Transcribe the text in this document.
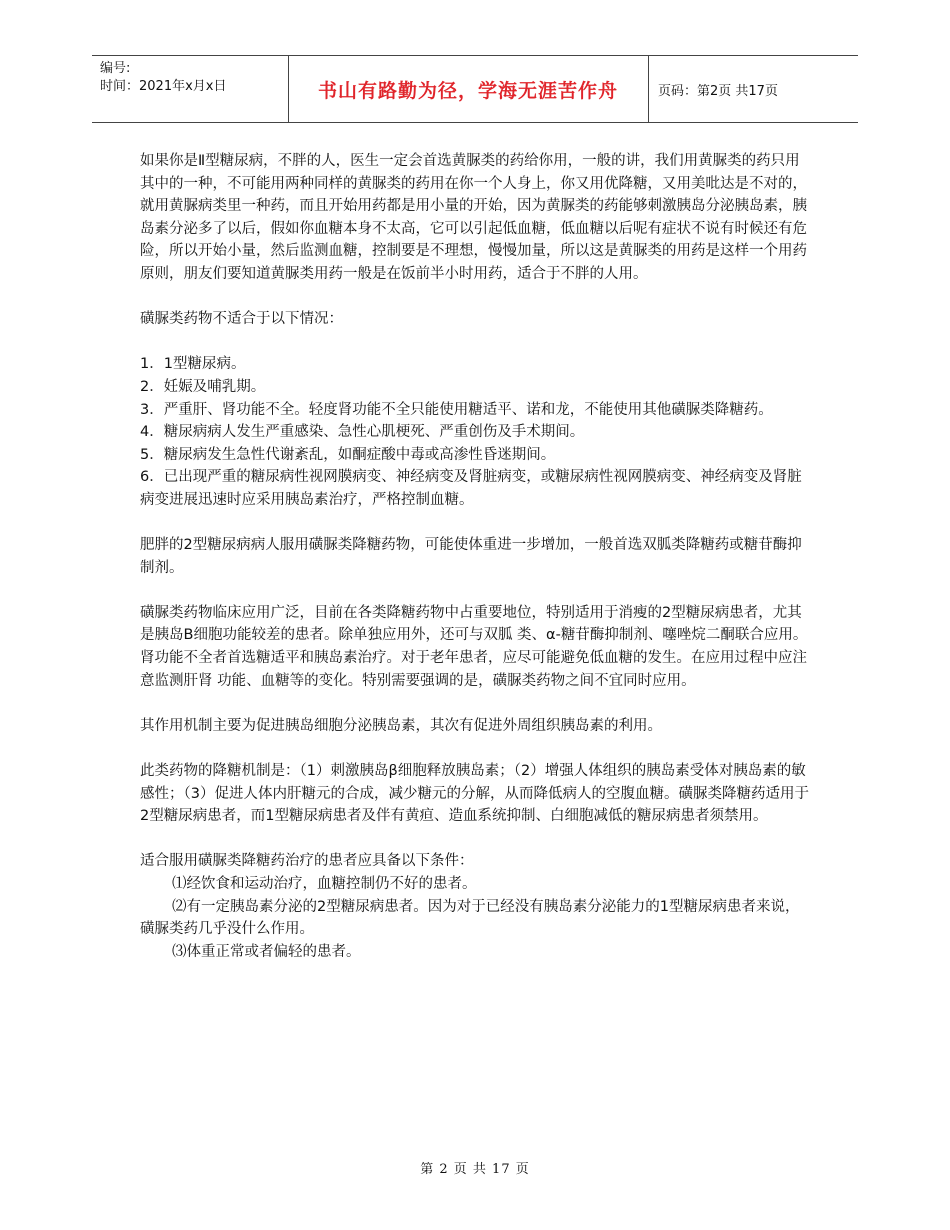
编号:
时间：2021年x月x日	书山有路勤为径，学海无涯苦作舟	页码：第2页 共17页

如果你是Ⅱ型糖尿病，不胖的人，医生一定会首选黄脲类的药给你用，一般的讲，我们用黄脲类的药只用其中的一种，不可能用两种同样的黄脲类的药用在你一个人身上，你又用优降糖，又用美吡达是不对的，就用黄脲病类里一种药，而且开始用药都是用小量的开始，因为黄脲类的药能够刺激胰岛分泌胰岛素，胰岛素分泌多了以后，假如你血糖本身不太高，它可以引起低血糖，低血糖以后呢有症状不说有时候还有危险，所以开始小量，然后监测血糖，控制要是不理想，慢慢加量，所以这是黄脲类的用药是这样一个用药原则，朋友们要知道黄脲类用药一般是在饭前半小时用药，适合于不胖的人用。

磺脲类药物不适合于以下情况：

1．1型糖尿病。

2．妊娠及哺乳期。

3．严重肝、肾功能不全。轻度肾功能不全只能使用糖适平、诺和龙，不能使用其他磺脲类降糖药。

4．糖尿病病人发生严重感染、急性心肌梗死、严重创伤及手术期间。

5．糖尿病发生急性代谢紊乱，如酮症酸中毒或高渗性昏迷期间。

6．已出现严重的糖尿病性视网膜病变、神经病变及肾脏病变，或糖尿病性视网膜病变、神经病变及肾脏病变进展迅速时应采用胰岛素治疗，严格控制血糖。

肥胖的2型糖尿病病人服用磺脲类降糖药物，可能使体重进一步增加，一般首选双胍类降糖药或糖苷酶抑制剂。

磺脲类药物临床应用广泛，目前在各类降糖药物中占重要地位，特别适用于消瘦的2型糖尿病患者，尤其是胰岛B细胞功能较差的患者。除单独应用外，还可与双胍 类、α-糖苷酶抑制剂、噻唑烷二酮联合应用。肾功能不全者首选糖适平和胰岛素治疗。对于老年患者，应尽可能避免低血糖的发生。在应用过程中应注意监测肝肾 功能、血糖等的变化。特别需要强调的是，磺脲类药物之间不宜同时应用。

其作用机制主要为促进胰岛细胞分泌胰岛素，其次有促进外周组织胰岛素的利用。

此类药物的降糖机制是：（1）刺激胰岛β细胞释放胰岛素；（2）增强人体组织的胰岛素受体对胰岛素的敏感性；（3）促进人体内肝糖元的合成，减少糖元的分解，从而降低病人的空腹血糖。磺脲类降糖药适用于2型糖尿病患者，而1型糖尿病患者及伴有黄疸、造血系统抑制、白细胞减低的糖尿病患者须禁用。

适合服用磺脲类降糖药治疗的患者应具备以下条件：

⑴经饮食和运动治疗，血糖控制仍不好的患者。

⑵有一定胰岛素分泌的2型糖尿病患者。因为对于已经没有胰岛素分泌能力的1型糖尿病患者来说，磺脲类药几乎没什么作用。

⑶体重正常或者偏轻的患者。

第 2 页 共 17 页
